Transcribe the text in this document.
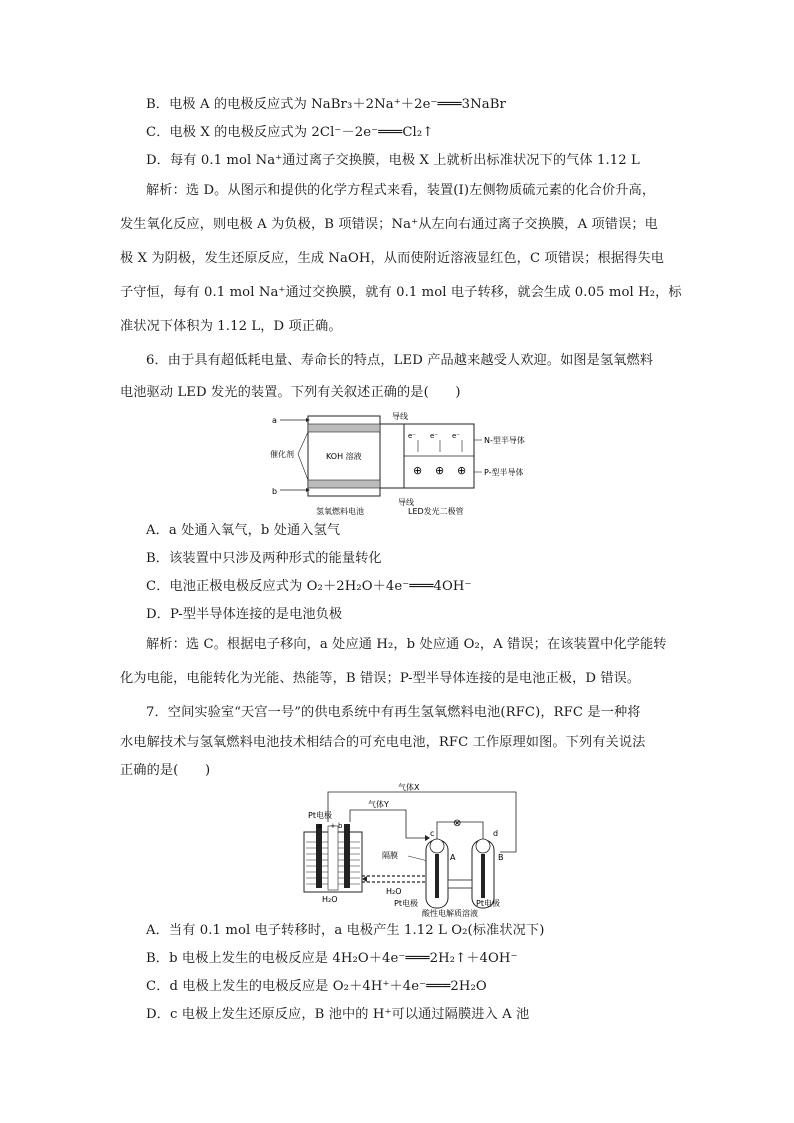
B．电极 A 的电极反应式为 NaBr₃＋2Na⁺＋2e⁻═══3NaBr
C．电极 X 的电极反应式为 2Cl⁻－2e⁻═══Cl₂↑
D．每有 0.1 mol Na⁺通过离子交换膜，电极 X 上就析出标准状况下的气体 1.12 L
解析：选 D。从图示和提供的化学方程式来看，装置(Ⅰ)左侧物质硫元素的化合价升高，
发生氧化反应，则电极 A 为负极，B 项错误；Na⁺从左向右通过离子交换膜，A 项错误；电
极 X 为阴极，发生还原反应，生成 NaOH，从而使附近溶液显红色，C 项错误；根据得失电
子守恒，每有 0.1 mol Na⁺通过交换膜，就有 0.1 mol 电子转移，就会生成 0.05 mol H₂，标
准状况下体积为 1.12 L，D 项正确。
6．由于具有超低耗电量、寿命长的特点，LED 产品越来越受人欢迎。如图是氢氧燃料
电池驱动 LED 发光的装置。下列有关叙述正确的是(　　)
a
b
催化剂	KOH 溶液
导线
导线
e⁻ e⁻ e⁻
⊕ ⊕ ⊕
N-型半导体
P-型半导体
氢氧燃料电池	LED发光二极管
A．a 处通入氧气，b 处通入氢气
B．该装置中只涉及两种形式的能量转化
C．电池正极电极反应式为 O₂＋2H₂O＋4e⁻═══4OH⁻
D．P-型半导体连接的是电池负极
解析：选 C。根据电子移向，a 处应通 H₂，b 处应通 O₂，A 错误；在该装置中化学能转
化为电能，电能转化为光能、热能等，B 错误；P-型半导体连接的是电池正极，D 错误。
7．空间实验室“天宫一号”的供电系统中有再生氢氧燃料电池(RFC)，RFC 是一种将
水电解技术与氢氧燃料电池技术相结合的可充电电池，RFC 工作原理如图。下列有关说法
正确的是(　　)
气体X
气体Y
Pt电极
a + b
H₂O
H₂O
隔膜
c	d
A	B
⊗
Pt电极	Pt电极
酸性电解质溶液
A．当有 0.1 mol 电子转移时，a 电极产生 1.12 L O₂(标准状况下)
B．b 电极上发生的电极反应是 4H₂O＋4e⁻═══2H₂↑＋4OH⁻
C．d 电极上发生的电极反应是 O₂＋4H⁺＋4e⁻═══2H₂O
D．c 电极上发生还原反应，B 池中的 H⁺可以通过隔膜进入 A 池
